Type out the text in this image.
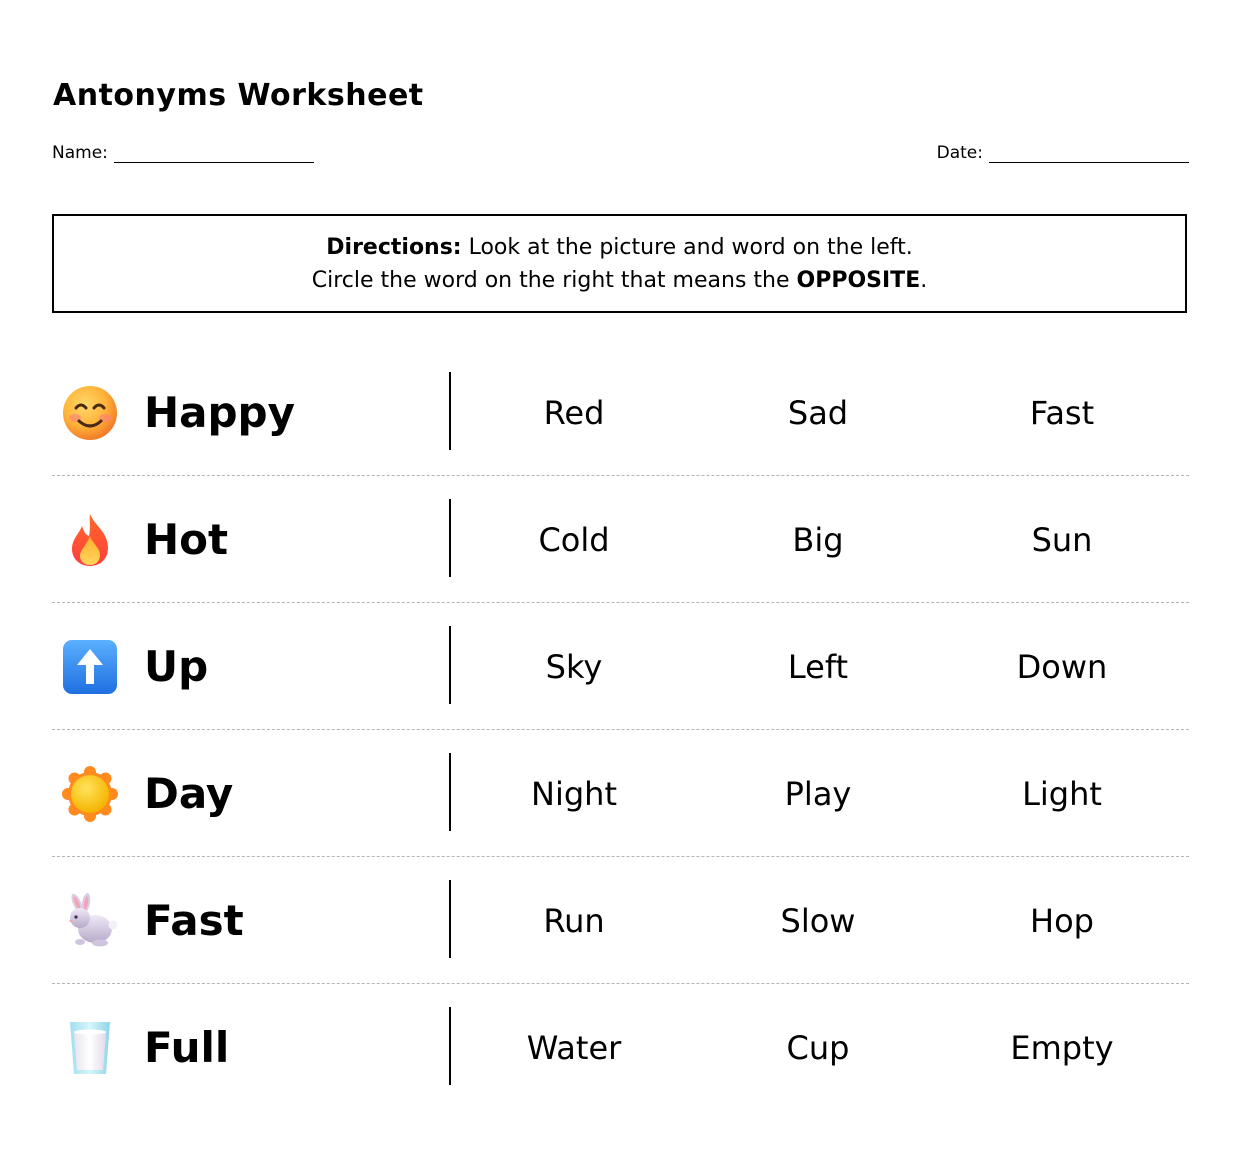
Antonyms Worksheet
Name:	Date:
Directions: Look at the picture and word on the left.
Circle the word on the right that means the OPPOSITE.
Happy	Red	Sad	Fast
Hot	Cold	Big	Sun
Up	Sky	Left	Down
Day	Night	Play	Light
Fast	Run	Slow	Hop
Full	Water	Cup	Empty
